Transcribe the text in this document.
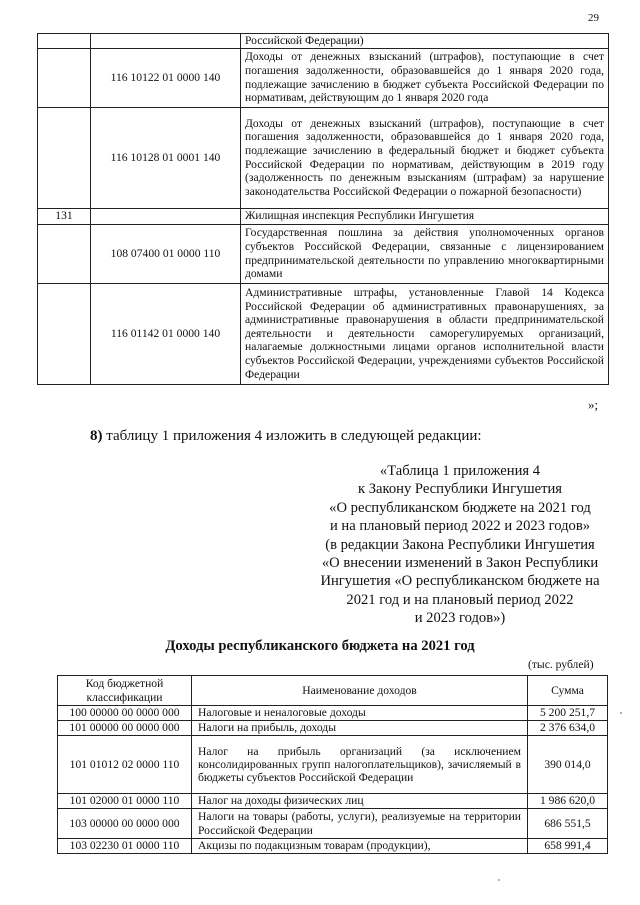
29
		Российской Федерации)
	116 10122 01 0000 140	Доходы от денежных взысканий (штрафов), поступающие в счет погашения задолженности, образовавшейся до 1 января 2020 года, подлежащие зачислению в бюджет субъекта Российской Федерации по нормативам, действующим до 1 января 2020 года
	116 10128 01 0001 140	Доходы от денежных взысканий (штрафов), поступающие в счет погашения задолженности, образовавшейся до 1 января 2020 года, подлежащие зачислению в федеральный бюджет и бюджет субъекта Российской Федерации по нормативам, действующим в 2019 году (задолженность по денежным взысканиям (штрафам) за нарушение законодательства Российской Федерации о пожарной безопасности)
131		Жилищная инспекция Республики Ингушетия
	108 07400 01 0000 110	Государственная пошлина за действия уполномоченных органов субъектов Российской Федерации, связанные с лицензированием предпринимательской деятельности по управлению многоквартирными домами
	116 01142 01 0000 140	Административные штрафы, установленные Главой 14 Кодекса Российской Федерации об административных правонарушениях, за административные правонарушения в области предпринимательской деятельности и деятельности саморегулируемых организаций, налагаемые должностными лицами органов исполнительной власти субъектов Российской Федерации, учреждениями субъектов Российской Федерации
»;
8) таблицу 1 приложения 4 изложить в следующей редакции:
«Таблица 1 приложения 4
к Закону Республики Ингушетия
«О республиканском бюджете на 2021 год
и на плановый период 2022 и 2023 годов»
(в редакции Закона Республики Ингушетия
«О внесении изменений в Закон Республики
Ингушетия «О республиканском бюджете на
2021 год и на плановый период 2022
и 2023 годов»)
Доходы республиканского бюджета на 2021 год
(тыс. рублей)
Код бюджетной классификации	Наименование доходов	Сумма
100 00000 00 0000 000	Налоговые и неналоговые доходы	5 200 251,7
101 00000 00 0000 000	Налоги на прибыль, доходы	2 376 634,0
101 01012 02 0000 110	Налог на прибыль организаций (за исключением консолидированных групп налогоплательщиков), зачисляемый в бюджеты субъектов Российской Федерации	390 014,0
101 02000 01 0000 110	Налог на доходы физических лиц	1 986 620,0
103 00000 00 0000 000	Налоги на товары (работы, услуги), реализуемые на территории Российской Федерации	686 551,5
103 02230 01 0000 110	Акцизы по подакцизным товарам (продукции),	658 991,4
